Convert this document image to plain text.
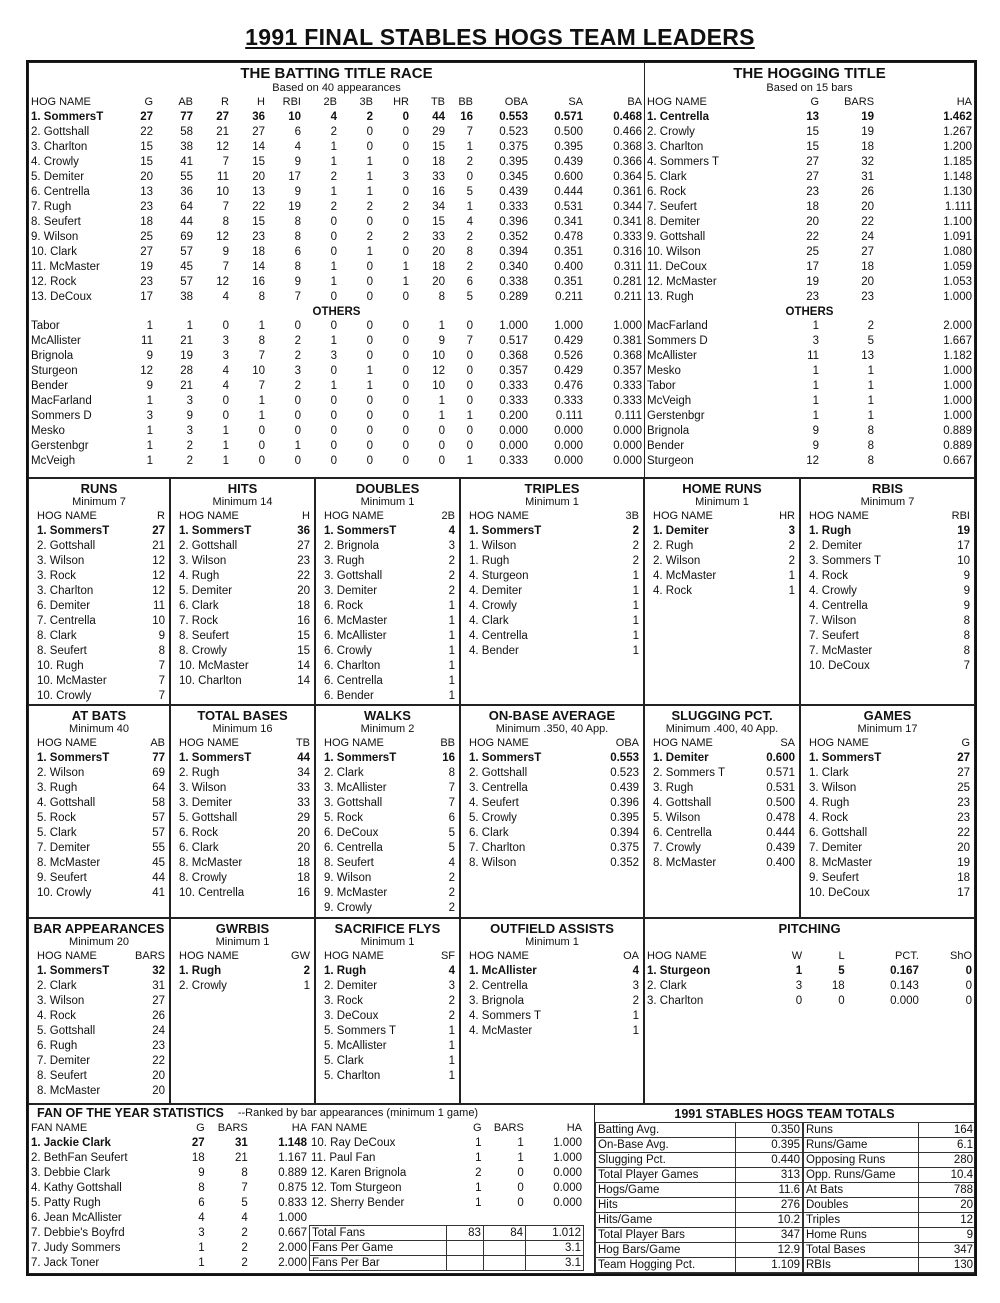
1991 FINAL STABLES HOGS TEAM LEADERS
THE BATTING TITLE RACE
Based on 40 appearances
HOG NAME	G	AB	R	H	RBI	2B	3B	HR	TB	BB	OBA	SA	BA
1. SommersT	27	77	27	36	10	4	2	0	44	16	0.553	0.571	0.468
2. Gottshall	22	58	21	27	6	2	0	0	29	7	0.523	0.500	0.466
3. Charlton	15	38	12	14	4	1	0	0	15	1	0.375	0.395	0.368
4. Crowly	15	41	7	15	9	1	1	0	18	2	0.395	0.439	0.366
5. Demiter	20	55	11	20	17	2	1	3	33	0	0.345	0.600	0.364
6. Centrella	13	36	10	13	9	1	1	0	16	5	0.439	0.444	0.361
7. Rugh	23	64	7	22	19	2	2	2	34	1	0.333	0.531	0.344
8. Seufert	18	44	8	15	8	0	0	0	15	4	0.396	0.341	0.341
9. Wilson	25	69	12	23	8	0	2	2	33	2	0.352	0.478	0.333
10. Clark	27	57	9	18	6	0	1	0	20	8	0.394	0.351	0.316
11. McMaster	19	45	7	14	8	1	0	1	18	2	0.340	0.400	0.311
12. Rock	23	57	12	16	9	1	0	1	20	6	0.338	0.351	0.281
13. DeCoux	17	38	4	8	7	0	0	0	8	5	0.289	0.211	0.211
OTHERS
Tabor	1	1	0	1	0	0	0	0	1	0	1.000	1.000	1.000
McAllister	11	21	3	8	2	1	0	0	9	7	0.517	0.429	0.381
Brignola	9	19	3	7	2	3	0	0	10	0	0.368	0.526	0.368
Sturgeon	12	28	4	10	3	0	1	0	12	0	0.357	0.429	0.357
Bender	9	21	4	7	2	1	1	0	10	0	0.333	0.476	0.333
MacFarland	1	3	0	1	0	0	0	0	1	0	0.333	0.333	0.333
Sommers D	3	9	0	1	0	0	0	0	1	1	0.200	0.111	0.111
Mesko	1	3	1	0	0	0	0	0	0	0	0.000	0.000	0.000
Gerstenbgr	1	2	1	0	1	0	0	0	0	0	0.000	0.000	0.000
McVeigh	1	2	1	0	0	0	0	0	0	1	0.333	0.000	0.000
THE HOGGING TITLE
Based on 15 bars
HOG NAME	G	BARS	HA
1. Centrella	13	19	1.462
2. Crowly	15	19	1.267
3. Charlton	15	18	1.200
4. Sommers T	27	32	1.185
5. Clark	27	31	1.148
6. Rock	23	26	1.130
7. Seufert	18	20	1.111
8. Demiter	20	22	1.100
9. Gottshall	22	24	1.091
10. Wilson	25	27	1.080
11. DeCoux	17	18	1.059
12. McMaster	19	20	1.053
13. Rugh	23	23	1.000
OTHERS
MacFarland	1	2	2.000
Sommers D	3	5	1.667
McAllister	11	13	1.182
Mesko	1	1	1.000
Tabor	1	1	1.000
McVeigh	1	1	1.000
Gerstenbgr	1	1	1.000
Brignola	9	8	0.889
Bender	9	8	0.889
Sturgeon	12	8	0.667
RUNS
Minimum 7
HOG NAME	R
1. SommersT	27
2. Gottshall	21
3. Wilson	12
3. Rock	12
3. Charlton	12
6. Demiter	11
7. Centrella	10
8. Clark	9
8. Seufert	8
10. Rugh	7
10. McMaster	7
10. Crowly	7
HITS
Minimum 14
HOG NAME	H
1. SommersT	36
2. Gottshall	27
3. Wilson	23
4. Rugh	22
5. Demiter	20
6. Clark	18
7. Rock	16
8. Seufert	15
8. Crowly	15
10. McMaster	14
10. Charlton	14
DOUBLES
Minimum 1
HOG NAME	2B
1. SommersT	4
2. Brignola	3
3. Rugh	2
3. Gottshall	2
3. Demiter	2
6. Rock	1
6. McMaster	1
6. McAllister	1
6. Crowly	1
6. Charlton	1
6. Centrella	1
6. Bender	1
TRIPLES
Minimum 1
HOG NAME	3B
1. SommersT	2
1. Wilson	2
1. Rugh	2
4. Sturgeon	1
4. Demiter	1
4. Crowly	1
4. Clark	1
4. Centrella	1
4. Bender	1
HOME RUNS
Minimum 1
HOG NAME	HR
1. Demiter	3
2. Rugh	2
2. Wilson	2
4. McMaster	1
4. Rock	1
RBIS
Minimum 7
HOG NAME	RBI
1. Rugh	19
2. Demiter	17
3. Sommers T	10
4. Rock	9
4. Crowly	9
4. Centrella	9
7. Wilson	8
7. Seufert	8
7. McMaster	8
10. DeCoux	7
AT BATS
Minimum 40
HOG NAME	AB
1. SommersT	77
2. Wilson	69
3. Rugh	64
4. Gottshall	58
5. Rock	57
5. Clark	57
7. Demiter	55
8. McMaster	45
9. Seufert	44
10. Crowly	41
TOTAL BASES
Minimum 16
HOG NAME	TB
1. SommersT	44
2. Rugh	34
3. Wilson	33
3. Demiter	33
5. Gottshall	29
6. Rock	20
6. Clark	20
8. McMaster	18
8. Crowly	18
10. Centrella	16
WALKS
Minimum 2
HOG NAME	BB
1. SommersT	16
2. Clark	8
3. McAllister	7
3. Gottshall	7
5. Rock	6
6. DeCoux	5
6. Centrella	5
8. Seufert	4
9. Wilson	2
9. McMaster	2
9. Crowly	2
ON-BASE AVERAGE
Minimum .350, 40 App.
HOG NAME	OBA
1. SommersT	0.553
2. Gottshall	0.523
3. Centrella	0.439
4. Seufert	0.396
5. Crowly	0.395
6. Clark	0.394
7. Charlton	0.375
8. Wilson	0.352
SLUGGING PCT.
Minimum .400, 40 App.
HOG NAME	SA
1. Demiter	0.600
2. Sommers T	0.571
3. Rugh	0.531
4. Gottshall	0.500
5. Wilson	0.478
6. Centrella	0.444
7. Crowly	0.439
8. McMaster	0.400
GAMES
Minimum 17
HOG NAME	G
1. SommersT	27
1. Clark	27
3. Wilson	25
4. Rugh	23
4. Rock	23
6. Gottshall	22
7. Demiter	20
8. McMaster	19
9. Seufert	18
10. DeCoux	17
BAR APPEARANCES
Minimum 20
HOG NAME	BARS
1. SommersT	32
2. Clark	31
3. Wilson	27
4. Rock	26
5. Gottshall	24
6. Rugh	23
7. Demiter	22
8. Seufert	20
8. McMaster	20
GWRBIS
Minimum 1
HOG NAME	GW
1. Rugh	2
2. Crowly	1
SACRIFICE FLYS
Minimum 1
HOG NAME	SF
1. Rugh	4
2. Demiter	3
3. Rock	2
3. DeCoux	2
5. Sommers T	1
5. McAllister	1
5. Clark	1
5. Charlton	1
OUTFIELD ASSISTS
Minimum 1
HOG NAME	OA
1. McAllister	4
2. Centrella	3
3. Brignola	2
4. Sommers T	1
4. McMaster	1
PITCHING
HOG NAME	W	L	PCT.	ShO
1. Sturgeon	1	5	0.167	0
2. Clark	3	18	0.143	0
3. Charlton	0	0	0.000	0
FAN OF THE YEAR STATISTICS --Ranked by bar appearances (minimum 1 game)
FAN NAME	G	BARS	HA
1. Jackie Clark	27	31	1.148
2. BethFan Seufert	18	21	1.167
3. Debbie Clark	9	8	0.889
4. Kathy Gottshall	8	7	0.875
5. Patty Rugh	6	5	0.833
6. Jean McAllister	4	4	1.000
7. Debbie's Boyfrd	3	2	0.667
7. Judy Sommers	1	2	2.000
7. Jack Toner	1	2	2.000
FAN NAME	G	BARS	HA
10. Ray DeCoux	1	1	1.000
11. Paul Fan	1	1	1.000
12. Karen Brignola	2	0	0.000
12. Tom Sturgeon	1	0	0.000
12. Sherry Bender	1	0	0.000
Total Fans	83	84	1.012
Fans Per Game			3.1
Fans Per Bar			3.1
1991 STABLES HOGS TEAM TOTALS
Batting Avg.	0.350
On-Base Avg.	0.395
Slugging Pct.	0.440
Total Player Games	313
Hogs/Game	11.6
Hits	276
Hits/Game	10.2
Total Player Bars	347
Hog Bars/Game	12.9
Team Hogging Pct.	1.109
Runs	164
Runs/Game	6.1
Opposing Runs	280
Opp. Runs/Game	10.4
At Bats	788
Doubles	20
Triples	12
Home Runs	9
Total Bases	347
RBIs	130
